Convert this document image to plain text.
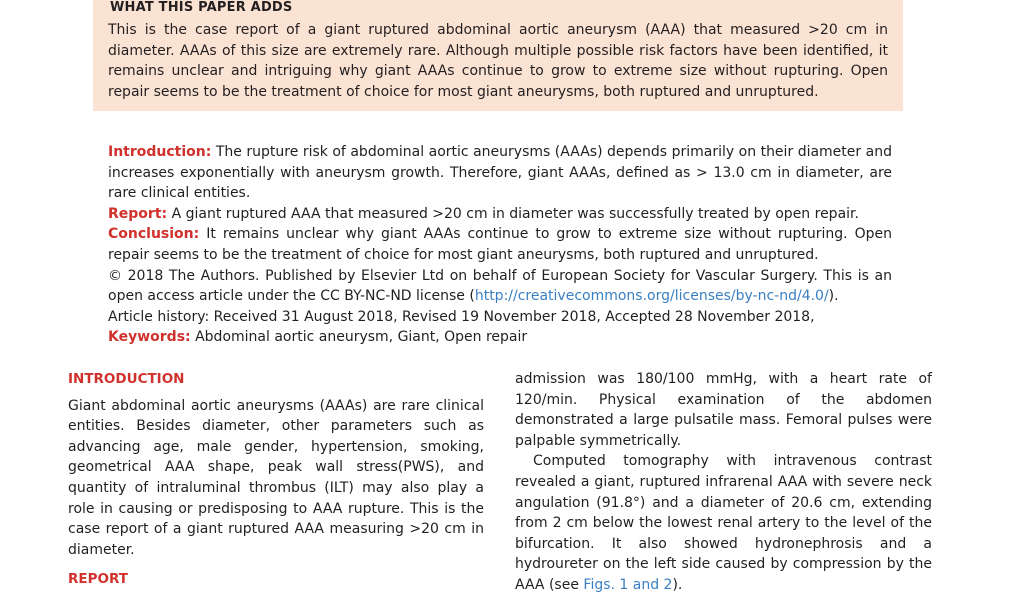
WHAT THIS PAPER ADDS
This is the case report of a giant ruptured abdominal aortic aneurysm (AAA) that measured >20 cm in diameter. AAAs of this size are extremely rare. Although multiple possible risk factors have been identified, it remains unclear and intriguing why giant AAAs continue to grow to extreme size without rupturing. Open repair seems to be the treatment of choice for most giant aneurysms, both ruptured and unruptured.

Introduction: The rupture risk of abdominal aortic aneurysms (AAAs) depends primarily on their diameter and increases exponentially with aneurysm growth. Therefore, giant AAAs, defined as > 13.0 cm in diameter, are rare clinical entities.

Report: A giant ruptured AAA that measured >20 cm in diameter was successfully treated by open repair.

Conclusion: It remains unclear why giant AAAs continue to grow to extreme size without rupturing. Open repair seems to be the treatment of choice for most giant aneurysms, both ruptured and unruptured.

© 2018 The Authors. Published by Elsevier Ltd on behalf of European Society for Vascular Surgery. This is an open access article under the CC BY-NC-ND license (http://creativecommons.org/licenses/by-nc-nd/4.0/).

Article history: Received 31 August 2018, Revised 19 November 2018, Accepted 28 November 2018,

Keywords: Abdominal aortic aneurysm, Giant, Open repair

INTRODUCTION

Giant abdominal aortic aneurysms (AAAs) are rare clinical entities. Besides diameter, other parameters such as advancing age, male gender, hypertension, smoking, geometrical AAA shape, peak wall stress(PWS), and quantity of intraluminal thrombus (ILT) may also play a role in causing or predisposing to AAA rupture. This is the case report of a giant ruptured AAA measuring >20 cm in diameter.

REPORT

admission was 180/100 mmHg, with a heart rate of 120/min. Physical examination of the abdomen demonstrated a large pulsatile mass. Femoral pulses were palpable symmetrically.

Computed tomography with intravenous contrast revealed a giant, ruptured infrarenal AAA with severe neck angulation (91.8°) and a diameter of 20.6 cm, extending from 2 cm below the lowest renal artery to the level of the bifurcation. It also showed hydronephrosis and a hydroureter on the left side caused by compression by the AAA (see Figs. 1 and 2).
